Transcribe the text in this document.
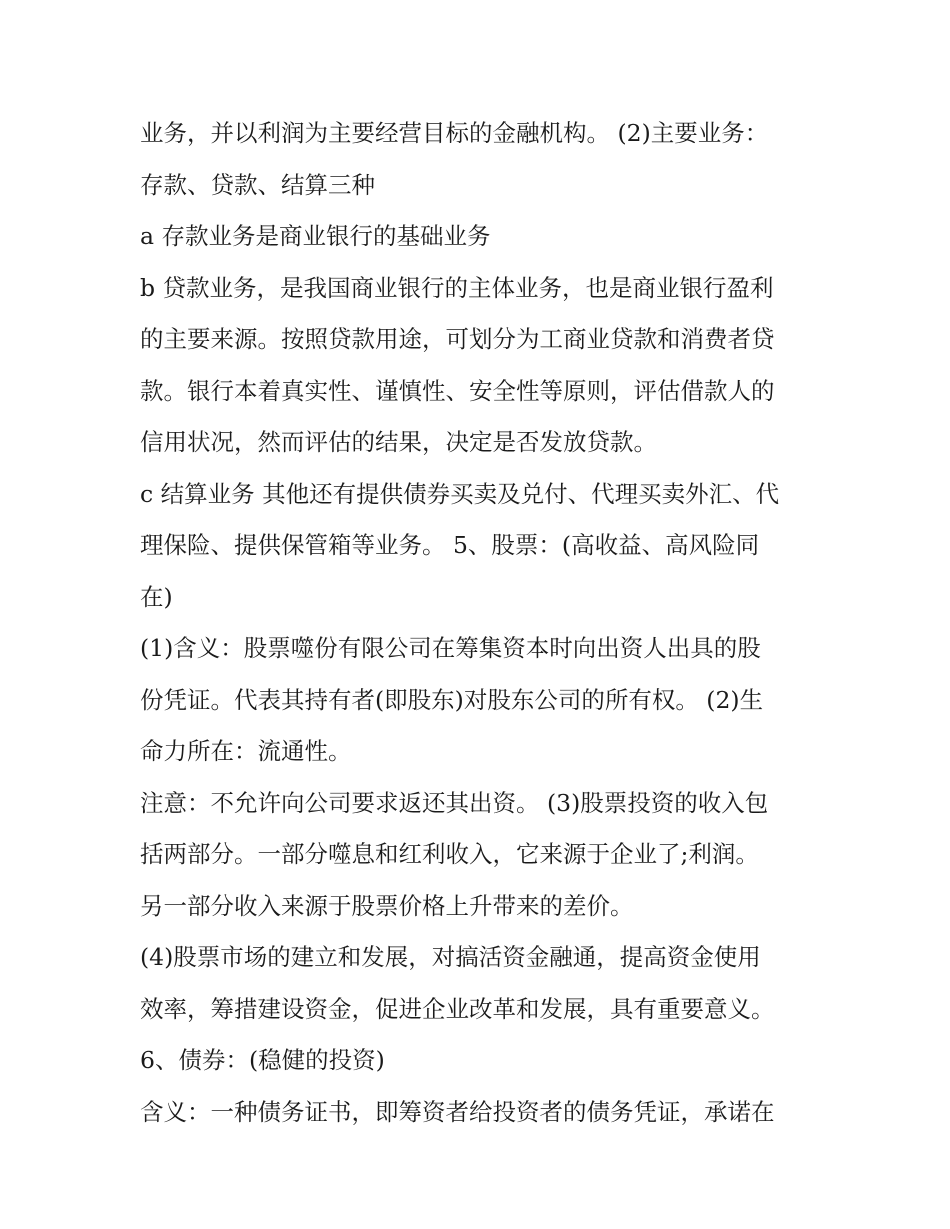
业务，并以利润为主要经营目标的金融机构。 (2)主要业务：
存款、贷款、结算三种
a 存款业务是商业银行的基础业务
b 贷款业务，是我国商业银行的主体业务，也是商业银行盈利
的主要来源。按照贷款用途，可划分为工商业贷款和消费者贷
款。银行本着真实性、谨慎性、安全性等原则，评估借款人的
信用状况，然而评估的结果，决定是否发放贷款。
c 结算业务 其他还有提供债券买卖及兑付、代理买卖外汇、代
理保险、提供保管箱等业务。 5、股票：(高收益、高风险同
在)
(1)含义：股票噬份有限公司在筹集资本时向出资人出具的股
份凭证。代表其持有者(即股东)对股东公司的所有权。 (2)生
命力所在：流通性。
注意：不允许向公司要求返还其出资。 (3)股票投资的收入包
括两部分。一部分噬息和红利收入，它来源于企业了;利润。
另一部分收入来源于股票价格上升带来的差价。
(4)股票市场的建立和发展，对搞活资金融通，提高资金使用
效率，筹措建设资金，促进企业改革和发展，具有重要意义。
6、债券：(稳健的投资)
含义：一种债务证书，即筹资者给投资者的债务凭证，承诺在
